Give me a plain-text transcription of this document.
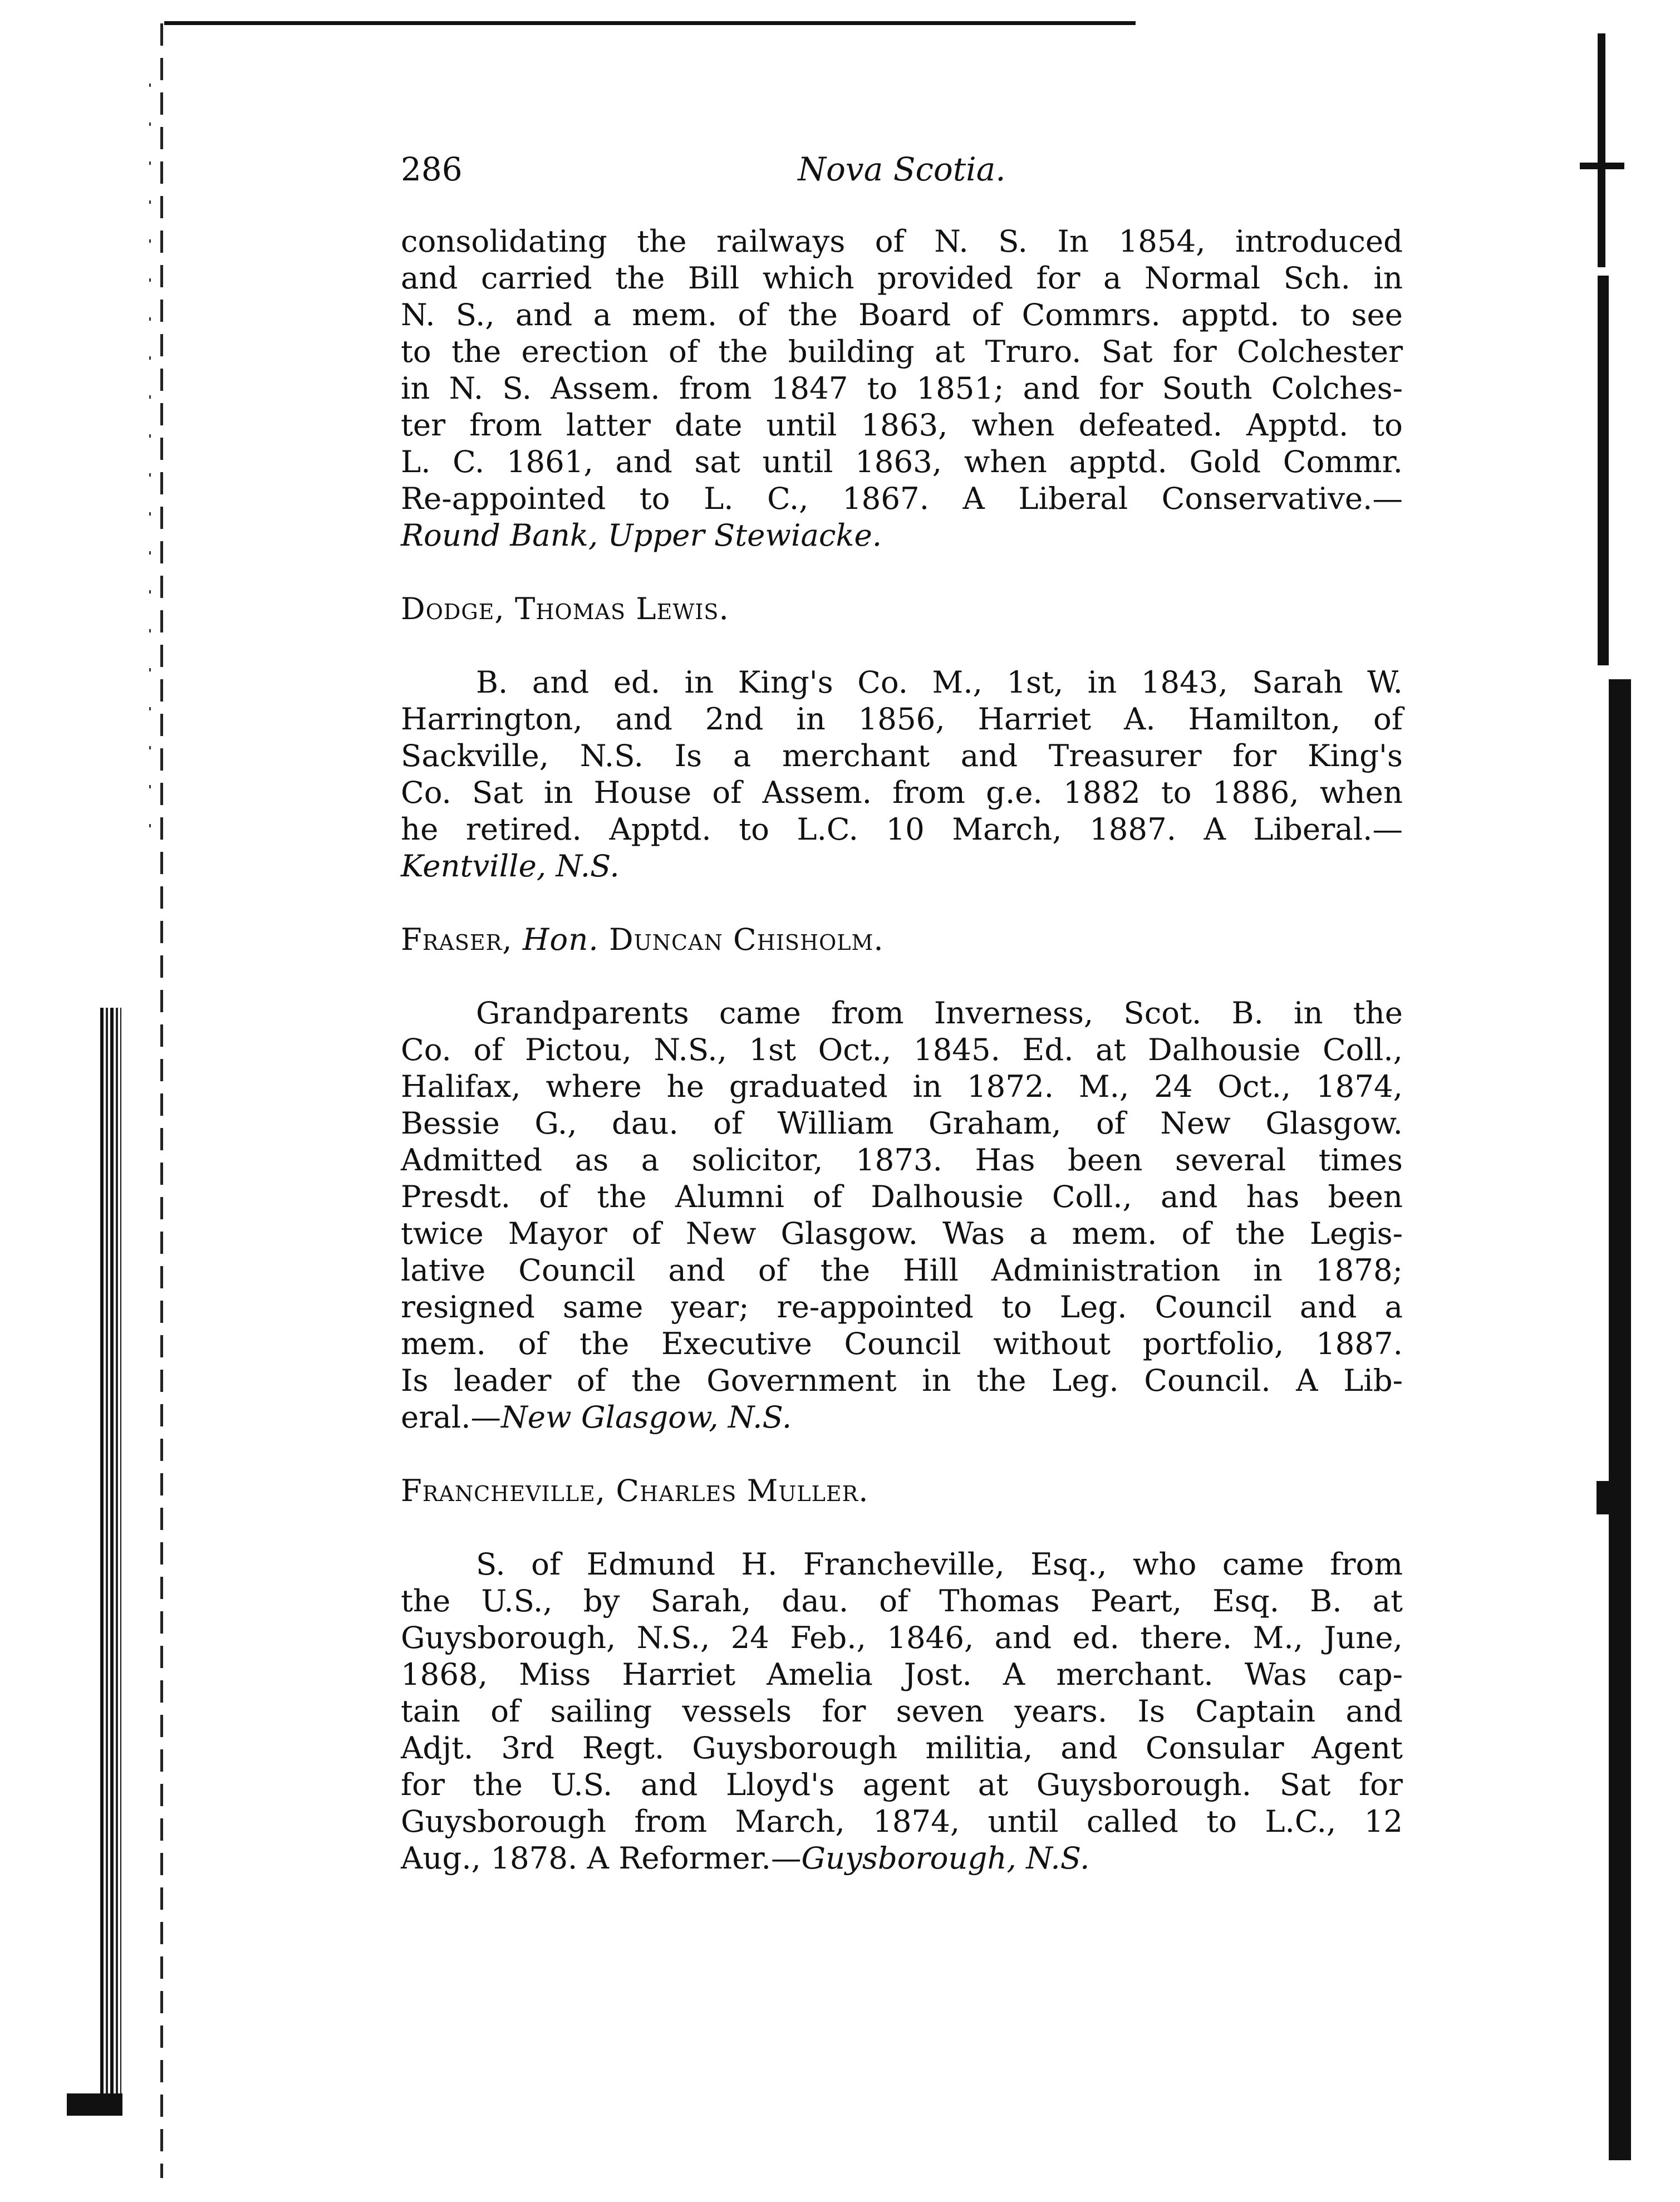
286	Nova Scotia.
consolidating the railways of N. S. In 1854, introduced
and carried the Bill which provided for a Normal Sch. in
N. S., and a mem. of the Board of Commrs. apptd. to see
to the erection of the building at Truro. Sat for Colchester
in N. S. Assem. from 1847 to 1851; and for South Colches-
ter from latter date until 1863, when defeated. Apptd. to
L. C. 1861, and sat until 1863, when apptd. Gold Commr.
Re-appointed to L. C., 1867. A Liberal Conservative.—
Round Bank, Upper Stewiacke.
Dodge, Thomas Lewis.
B. and ed. in King's Co. M., 1st, in 1843, Sarah W.
Harrington, and 2nd in 1856, Harriet A. Hamilton, of
Sackville, N.S. Is a merchant and Treasurer for King's
Co. Sat in House of Assem. from g.e. 1882 to 1886, when
he retired. Apptd. to L.C. 10 March, 1887. A Liberal.—
Kentville, N.S.
Fraser, Hon. Duncan Chisholm.
Grandparents came from Inverness, Scot. B. in the
Co. of Pictou, N.S., 1st Oct., 1845. Ed. at Dalhousie Coll.,
Halifax, where he graduated in 1872. M., 24 Oct., 1874,
Bessie G., dau. of William Graham, of New Glasgow.
Admitted as a solicitor, 1873. Has been several times
Presdt. of the Alumni of Dalhousie Coll., and has been
twice Mayor of New Glasgow. Was a mem. of the Legis-
lative Council and of the Hill Administration in 1878;
resigned same year; re-appointed to Leg. Council and a
mem. of the Executive Council without portfolio, 1887.
Is leader of the Government in the Leg. Council. A Lib-
eral.—New Glasgow, N.S.
Francheville, Charles Muller.
S. of Edmund H. Francheville, Esq., who came from
the U.S., by Sarah, dau. of Thomas Peart, Esq. B. at
Guysborough, N.S., 24 Feb., 1846, and ed. there. M., June,
1868, Miss Harriet Amelia Jost. A merchant. Was cap-
tain of sailing vessels for seven years. Is Captain and
Adjt. 3rd Regt. Guysborough militia, and Consular Agent
for the U.S. and Lloyd's agent at Guysborough. Sat for
Guysborough from March, 1874, until called to L.C., 12
Aug., 1878. A Reformer.—Guysborough, N.S.
